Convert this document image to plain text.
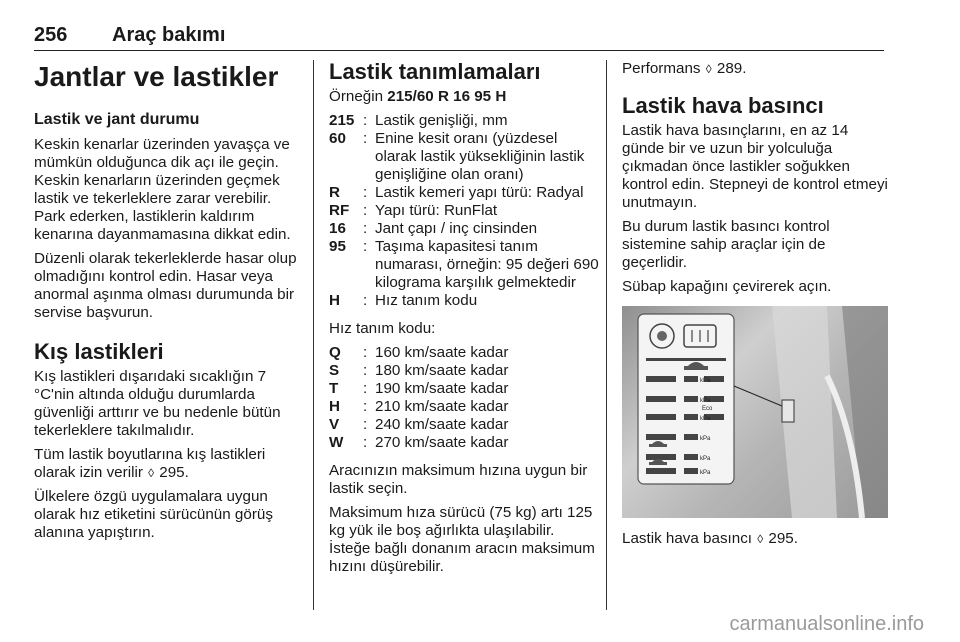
256 Araç bakımı
Jantlar ve lastikler
Lastik ve jant durumu

Keskin kenarlar üzerinden yavaşça ve mümkün olduğunca dik açı ile geçin. Keskin kenarların üzerinden geçmek lastik ve tekerleklere zarar verebilir. Park ederken, lastiklerin kaldırım kenarına dayanmamasına dikkat edin.

Düzenli olarak tekerleklerde hasar olup olmadığını kontrol edin. Hasar veya anormal aşınma olması durumunda bir servise başvurun.

Kış lastikleri

Kış lastikleri dışarıdaki sıcaklığın 7 °C'nin altında olduğu durumlarda güvenliği arttırır ve bu nedenle bütün tekerleklere takılmalıdır.

Tüm lastik boyutlarına kış lastikleri olarak izin verilir ◊ 295.

Ülkelere özgü uygulamalara uygun olarak hız etiketini sürücünün görüş alanına yapıştırın.

Lastik tanımlamaları

Örneğin 215/60 R 16 95 H

215 : Lastik genişliği, mm
60	: Enine kesit oranı (yüzdesel olarak lastik yüksekliğinin lastik genişliğine olan oranı)
R	: Lastik kemeri yapı türü: Radyal
RF : Yapı türü: RunFlat
16	: Jant çapı / inç cinsinden
95	: Taşıma kapasitesi tanım numarası, örneğin: 95 değeri 690 kilograma karşılık gelmektedir
H	: Hız tanım kodu

Hız tanım kodu:

Q	: 160 km/saate kadar
S	: 180 km/saate kadar
T	: 190 km/saate kadar
H	: 210 km/saate kadar
V	: 240 km/saate kadar
W	: 270 km/saate kadar

Aracınızın maksimum hızına uygun bir lastik seçin.

Maksimum hıza sürücü (75 kg) artı 125 kg yük ile boş ağırlıkta ulaşılabilir. İsteğe bağlı donanım aracın maksimum hızını düşürebilir.

Performans ◊ 289.

Lastik hava basıncı

Lastik hava basınçlarını, en az 14 günde bir ve uzun bir yolculuğa çıkmadan önce lastikler soğukken kontrol edin. Stepneyi de kontrol etmeyi unutmayın.

Bu durum lastik basıncı kontrol sistemine sahip araçlar için de geçerlidir.

Sübap kapağını çevirerek açın.

kPa
kPa
Eco
kPa
kPa
kPa
kPa

Lastik hava basıncı ◊ 295.

carmanualsonline.info
